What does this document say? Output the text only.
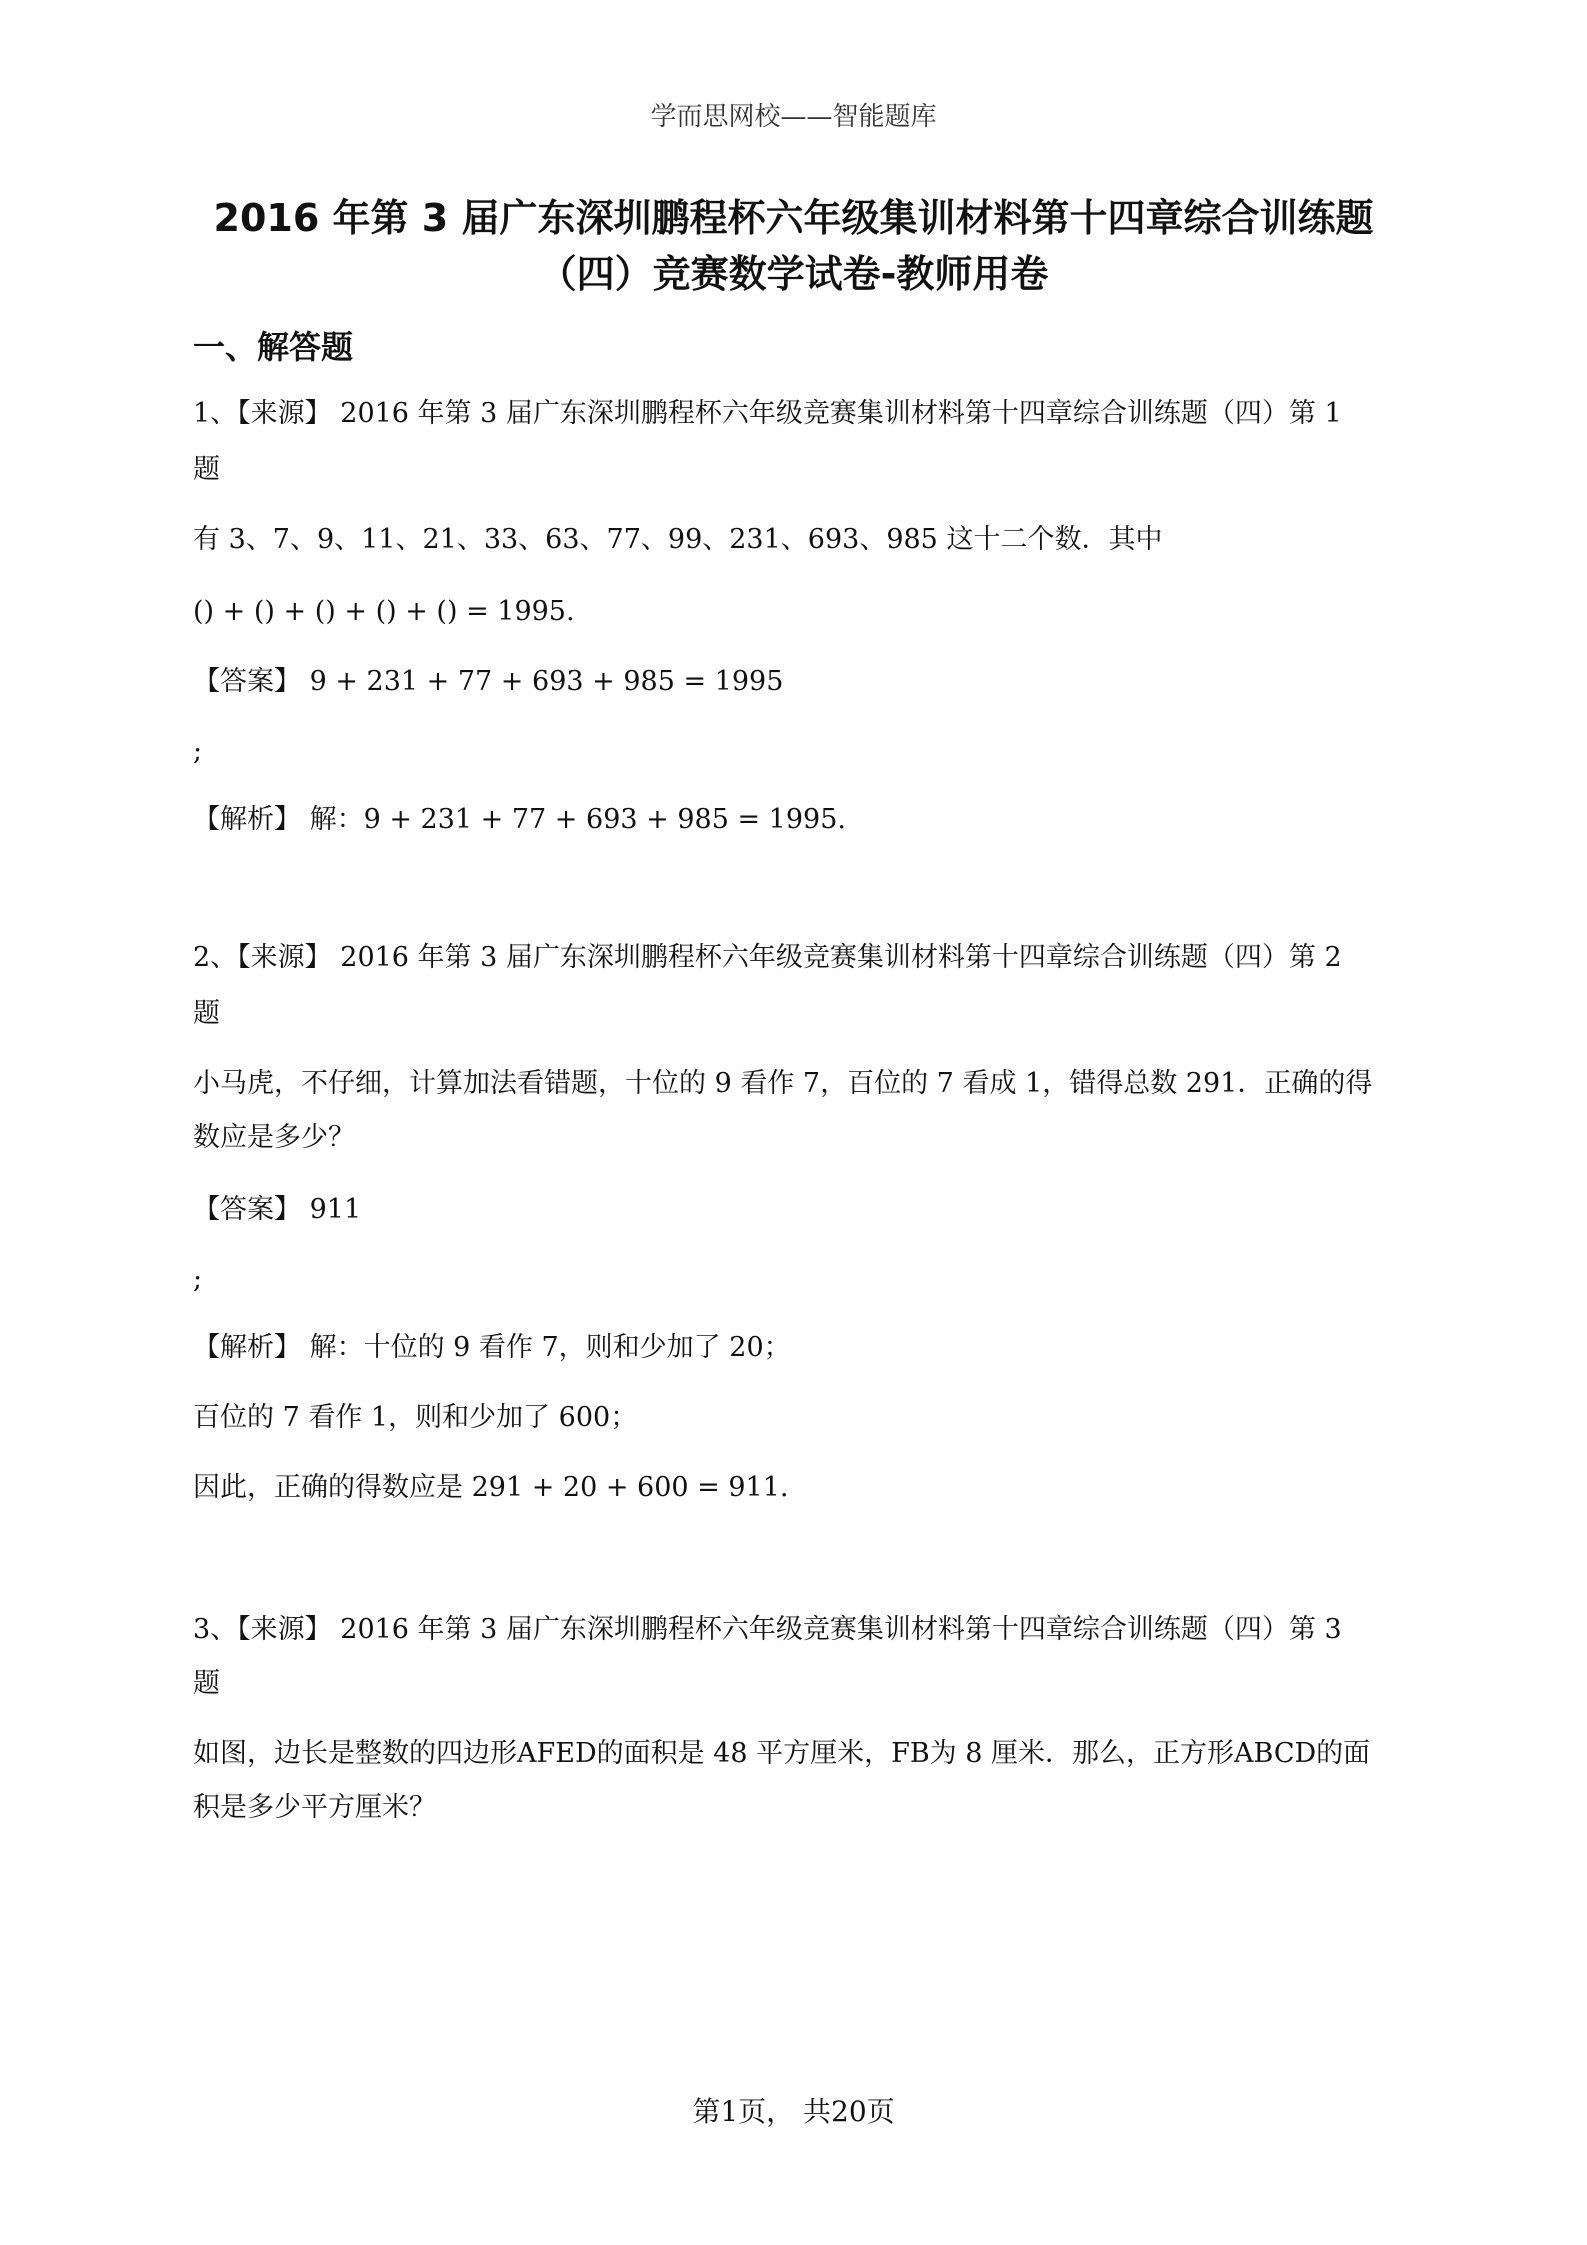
学而思网校——智能题库
2016 年第 3 届广东深圳鹏程杯六年级集训材料第十四章综合训练题
（四）竞赛数学试卷-教师用卷
一、解答题
1、【来源】 2016 年第 3 届广东深圳鹏程杯六年级竞赛集训材料第十四章综合训练题（四）第 1
题
有 3、7、9、11、21、33、63、77、99、231、693、985 这十二个数．其中
() + () + () + () + () = 1995.
【答案】 9 + 231 + 77 + 693 + 985 = 1995
;
【解析】 解：9 + 231 + 77 + 693 + 985 = 1995.
2、【来源】 2016 年第 3 届广东深圳鹏程杯六年级竞赛集训材料第十四章综合训练题（四）第 2
题
小马虎，不仔细，计算加法看错题，十位的 9 看作 7，百位的 7 看成 1，错得总数 291．正确的得
数应是多少？
【答案】 911
;
【解析】 解：十位的 9 看作 7，则和少加了 20；
百位的 7 看作 1，则和少加了 600；
因此，正确的得数应是 291 + 20 + 600 = 911.
3、【来源】 2016 年第 3 届广东深圳鹏程杯六年级竞赛集训材料第十四章综合训练题（四）第 3
题
如图，边长是整数的四边形AFED的面积是 48 平方厘米，FB为 8 厘米．那么，正方形ABCD的面
积是多少平方厘米？
第1页， 共20页
